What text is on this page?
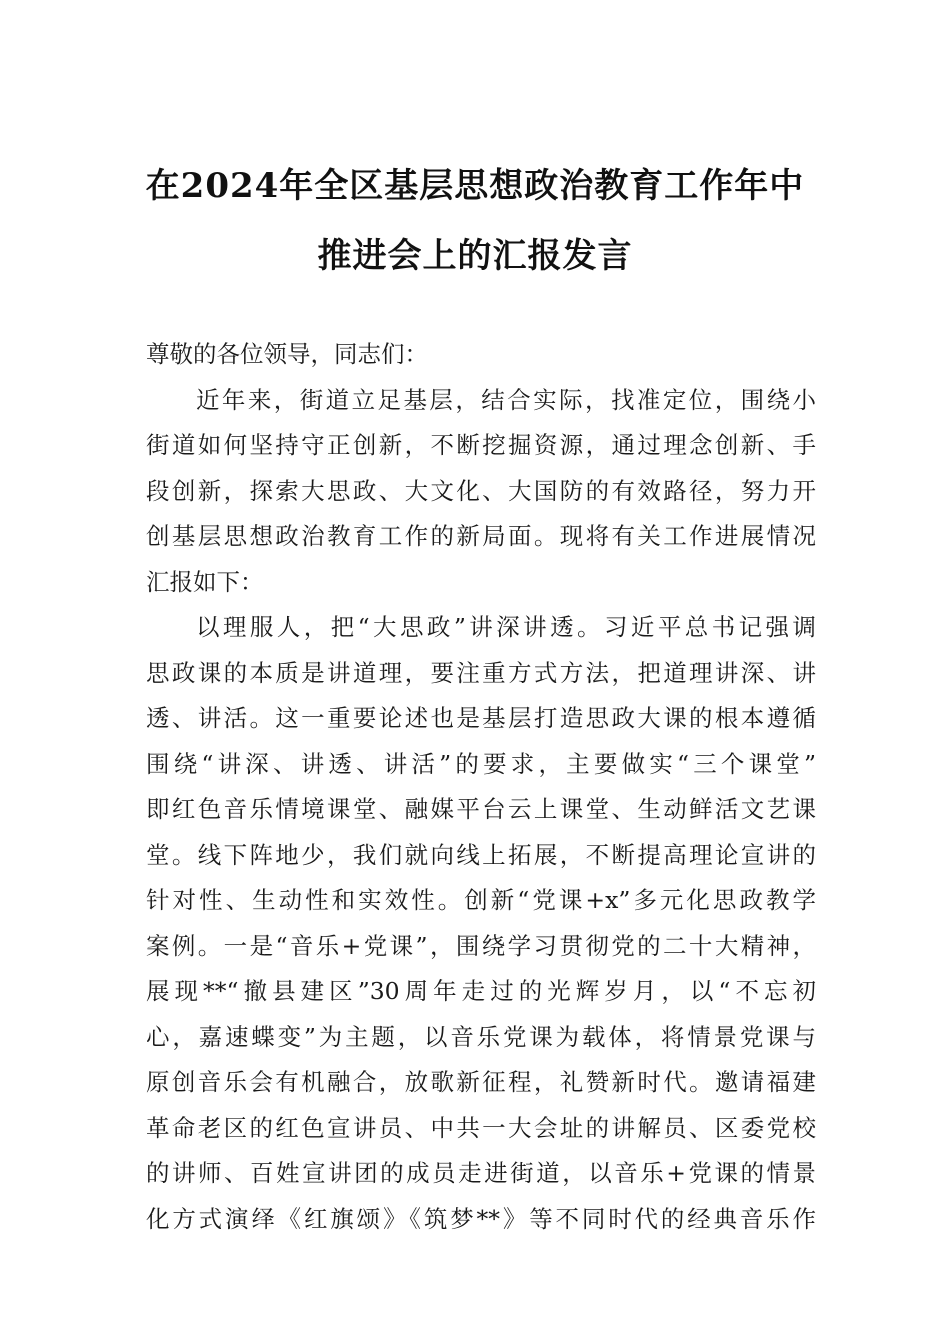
在2024年全区基层思想政治教育工作年中
推进会上的汇报发言
尊敬的各位领导，同志们：
近年来，街道立足基层，结合实际，找准定位，围绕小
街道如何坚持守正创新，不断挖掘资源，通过理念创新、手
段创新，探索大思政、大文化、大国防的有效路径，努力开
创基层思想政治教育工作的新局面。现将有关工作进展情况
汇报如下：
以理服人，把“大思政”讲深讲透。习近平总书记强调
思政课的本质是讲道理，要注重方式方法，把道理讲深、讲
透、讲活。这一重要论述也是基层打造思政大课的根本遵循
围绕“讲深、讲透、讲活”的要求，主要做实“三个课堂”
即红色音乐情境课堂、融媒平台云上课堂、生动鲜活文艺课
堂。线下阵地少，我们就向线上拓展，不断提高理论宣讲的
针对性、生动性和实效性。创新“党课+x”多元化思政教学
案例。一是“音乐+党课”，围绕学习贯彻党的二十大精神，
展现**“撤县建区”30周年走过的光辉岁月，以“不忘初
心，嘉速蝶变”为主题，以音乐党课为载体，将情景党课与
原创音乐会有机融合，放歌新征程，礼赞新时代。邀请福建
革命老区的红色宣讲员、中共一大会址的讲解员、区委党校
的讲师、百姓宣讲团的成员走进街道，以音乐+党课的情景
化方式演绎《红旗颂》《筑梦**》等不同时代的经典音乐作
